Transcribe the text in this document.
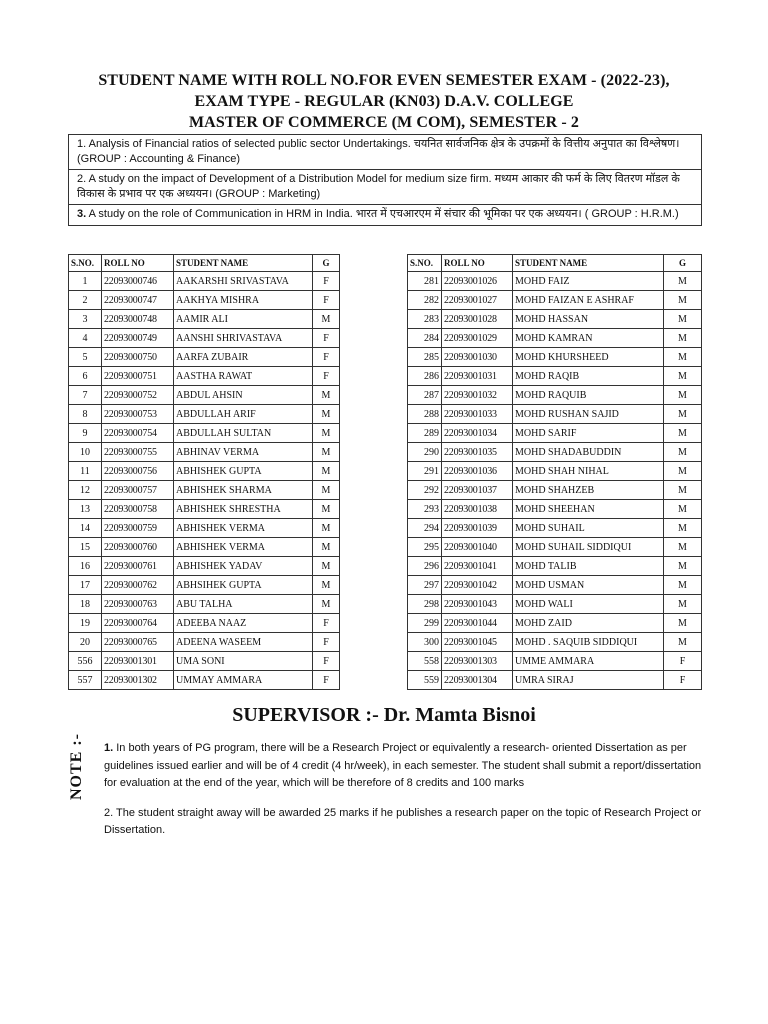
STUDENT NAME WITH ROLL NO.FOR EVEN SEMESTER EXAM - (2022-23),
EXAM TYPE - REGULAR (KN03) D.A.V. COLLEGE
MASTER OF COMMERCE (M COM), SEMESTER - 2
1. Analysis of Financial ratios of selected public sector Undertakings. चयनित सार्वजनिक क्षेत्र के उपक्रमों के वित्तीय अनुपात का विश्लेषण। (GROUP : Accounting & Finance)
2. A study on the impact of Development of a Distribution Model for medium size firm. मध्यम आकार की फर्म के लिए वितरण मॉडल के विकास के प्रभाव पर एक अध्ययन। (GROUP : Marketing)
3. A study on the role of Communication in HRM in India. भारत में एचआरएम में संचार की भूमिका पर एक अध्ययन। ( GROUP : H.R.M.)
S.NO.	ROLL NO	STUDENT NAME	G		S.NO.	ROLL NO	STUDENT NAME	G
1	22093000746	AAKARSHI SRIVASTAVA	F		281	22093001026	MOHD FAIZ	M
2	22093000747	AAKHYA MISHRA	F		282	22093001027	MOHD FAIZAN E ASHRAF	M
3	22093000748	AAMIR ALI	M		283	22093001028	MOHD HASSAN	M
4	22093000749	AANSHI SHRIVASTAVA	F		284	22093001029	MOHD KAMRAN	M
5	22093000750	AARFA ZUBAIR	F		285	22093001030	MOHD KHURSHEED	M
6	22093000751	AASTHA RAWAT	F		286	22093001031	MOHD RAQIB	M
7	22093000752	ABDUL AHSIN	M		287	22093001032	MOHD RAQUIB	M
8	22093000753	ABDULLAH ARIF	M		288	22093001033	MOHD RUSHAN SAJID	M
9	22093000754	ABDULLAH SULTAN	M		289	22093001034	MOHD SARIF	M
10	22093000755	ABHINAV VERMA	M		290	22093001035	MOHD SHADABUDDIN	M
11	22093000756	ABHISHEK GUPTA	M		291	22093001036	MOHD SHAH NIHAL	M
12	22093000757	ABHISHEK SHARMA	M		292	22093001037	MOHD SHAHZEB	M
13	22093000758	ABHISHEK SHRESTHA	M		293	22093001038	MOHD SHEEHAN	M
14	22093000759	ABHISHEK VERMA	M		294	22093001039	MOHD SUHAIL	M
15	22093000760	ABHISHEK VERMA	M		295	22093001040	MOHD SUHAIL SIDDIQUI	M
16	22093000761	ABHISHEK YADAV	M		296	22093001041	MOHD TALIB	M
17	22093000762	ABHSIHEK GUPTA	M		297	22093001042	MOHD USMAN	M
18	22093000763	ABU TALHA	M		298	22093001043	MOHD WALI	M
19	22093000764	ADEEBA NAAZ	F		299	22093001044	MOHD ZAID	M
20	22093000765	ADEENA WASEEM	F		300	22093001045	MOHD . SAQUIB SIDDIQUI	M
556	22093001301	UMA SONI	F		558	22093001303	UMME AMMARA	F
557	22093001302	UMMAY AMMARA	F		559	22093001304	UMRA SIRAJ	F
SUPERVISOR :- Dr. Mamta Bisnoi
NOTE :- 1. In both years of PG program, there will be a Research Project or equivalently a research- oriented Dissertation as per guidelines issued earlier and will be of 4 credit (4 hr/week), in each semester. The student shall submit a report/dissertation for evaluation at the end of the year, which will be therefore of 8 credits and 100 marks

2. The student straight away will be awarded 25 marks if he publishes a research paper on the topic of Research Project or Dissertation.
